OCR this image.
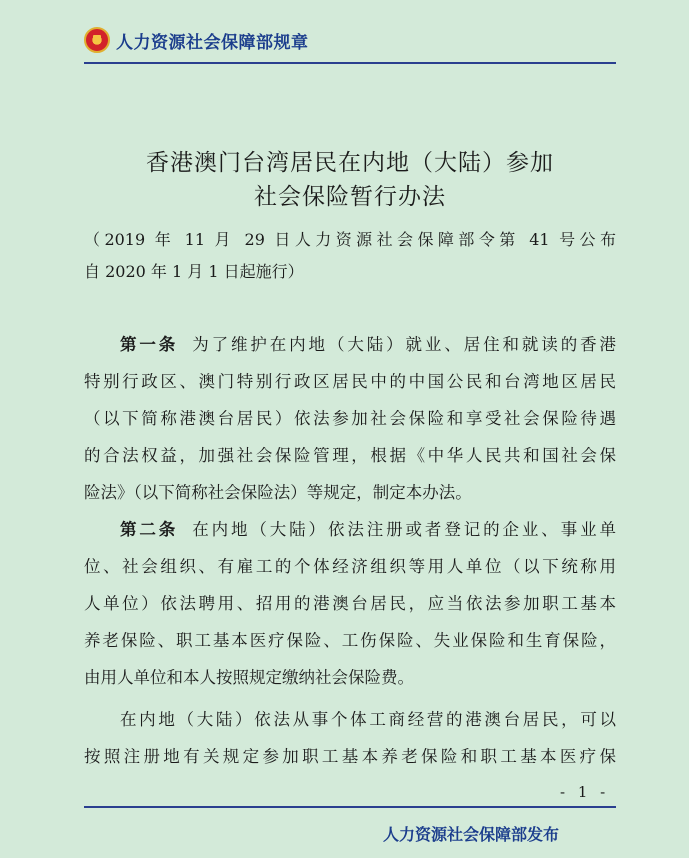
人力资源社会保障部规章
香港澳门台湾居民在内地（大陆）参加
社会保险暂行办法
（2019 年 11 月 29 日人力资源社会保障部令第 41 号公布
自 2020 年 1 月 1 日起施行）
第一条 为了维护在内地（大陆）就业、居住和就读的香港
特别行政区、澳门特别行政区居民中的中国公民和台湾地区居民
（以下简称港澳台居民）依法参加社会保险和享受社会保险待遇
的合法权益，加强社会保险管理，根据《中华人民共和国社会保
险法》（以下简称社会保险法）等规定，制定本办法。
第二条 在内地（大陆）依法注册或者登记的企业、事业单
位、社会组织、有雇工的个体经济组织等用人单位（以下统称用
人单位）依法聘用、招用的港澳台居民，应当依法参加职工基本
养老保险、职工基本医疗保险、工伤保险、失业保险和生育保险，
由用人单位和本人按照规定缴纳社会保险费。
在内地（大陆）依法从事个体工商经营的港澳台居民，可以
按照注册地有关规定参加职工基本养老保险和职工基本医疗保
- 1 -
人力资源社会保障部发布
